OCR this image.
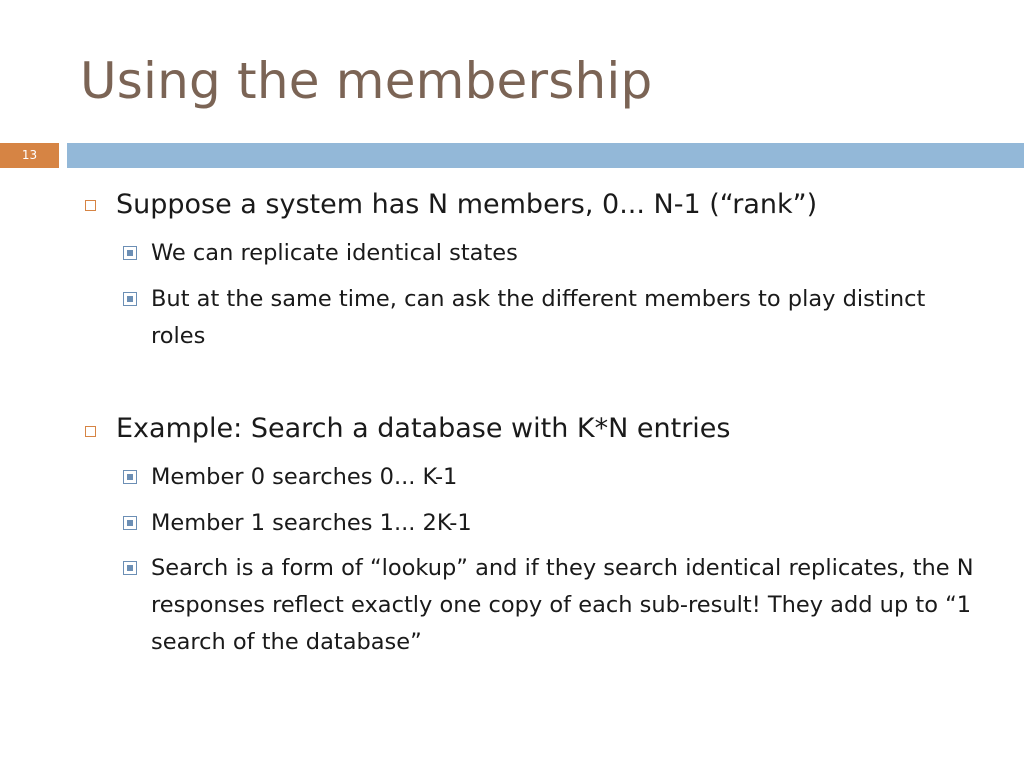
Using the membership
13
Suppose a system has N members, 0... N-1 (“rank”)
We can replicate identical states
But at the same time, can ask the different members to play distinct roles
Example: Search a database with K*N entries
Member 0 searches 0... K-1
Member 1 searches 1... 2K-1
Search is a form of “lookup” and if they search identical replicates, the N responses reflect exactly one copy of each sub-result! They add up to “1 search of the database”
